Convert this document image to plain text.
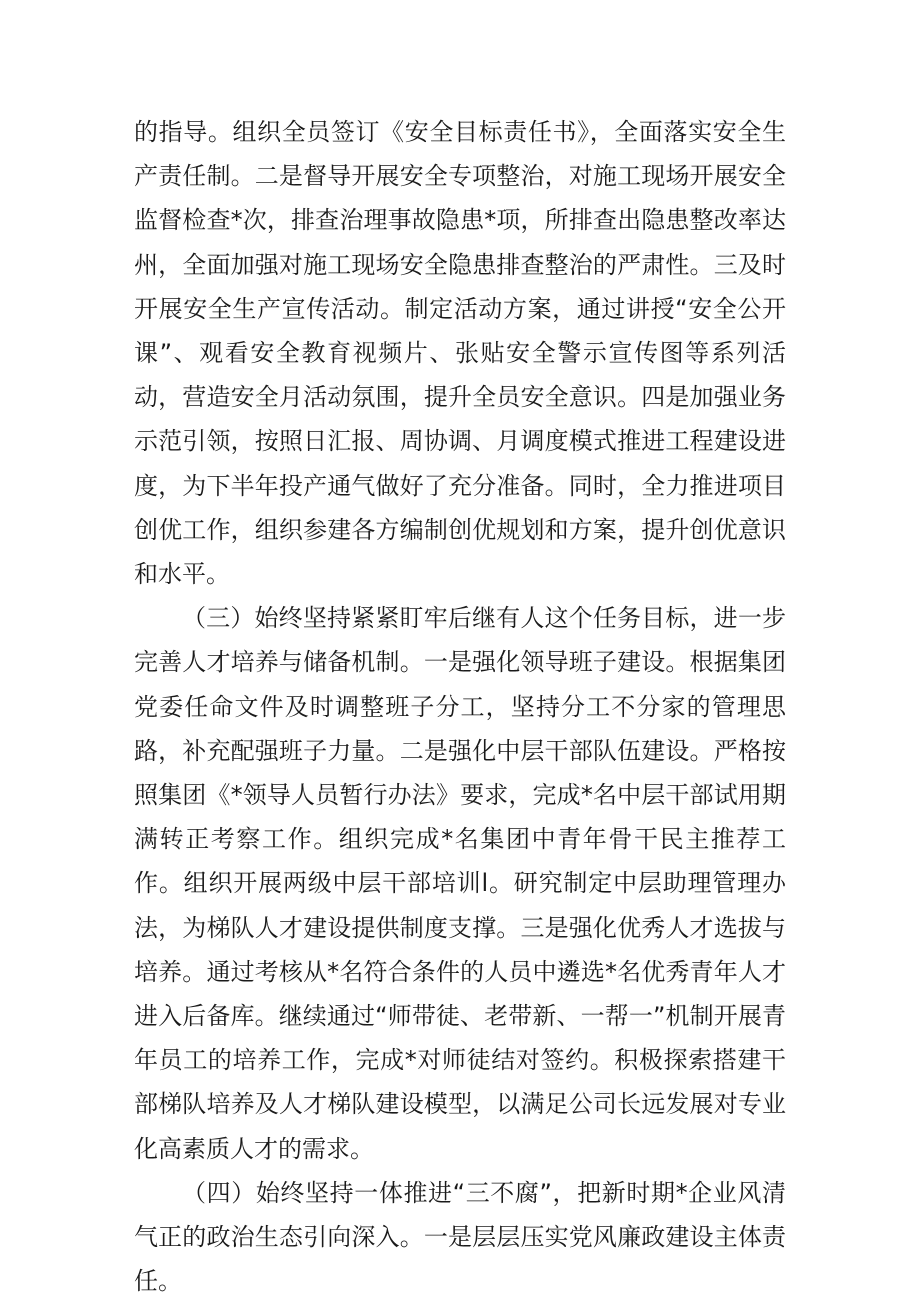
的指导。组织全员签订《安全目标责任书》，全面落实安全生产责任制。二是督导开展安全专项整治，对施工现场开展安全监督检查*次，排查治理事故隐患*项，所排查出隐患整改率达州，全面加强对施工现场安全隐患排查整治的严肃性。三及时开展安全生产宣传活动。制定活动方案，通过讲授“安全公开课”、观看安全教育视频片、张贴安全警示宣传图等系列活动，营造安全月活动氛围，提升全员安全意识。四是加强业务示范引领，按照日汇报、周协调、月调度模式推进工程建设进度，为下半年投产通气做好了充分准备。同时，全力推进项目创优工作，组织参建各方编制创优规划和方案，提升创优意识和水平。

（三）始终坚持紧紧盯牢后继有人这个任务目标，进一步完善人才培养与储备机制。一是强化领导班子建设。根据集团党委任命文件及时调整班子分工，坚持分工不分家的管理思路，补充配强班子力量。二是强化中层干部队伍建设。严格按照集团《*领导人员暂行办法》要求，完成*名中层干部试用期满转正考察工作。组织完成*名集团中青年骨干民主推荐工作。组织开展两级中层干部培训l。研究制定中层助理管理办法，为梯队人才建设提供制度支撑。三是强化优秀人才选拔与培养。通过考核从*名符合条件的人员中遴选*名优秀青年人才进入后备库。继续通过“师带徒、老带新、一帮一”机制开展青年员工的培养工作，完成*对师徒结对签约。积极探索搭建干部梯队培养及人才梯队建设模型，以满足公司长远发展对专业化高素质人才的需求。

（四）始终坚持一体推进“三不腐”，把新时期*企业风清气正的政治生态引向深入。一是层层压实党风廉政建设主体责任。
